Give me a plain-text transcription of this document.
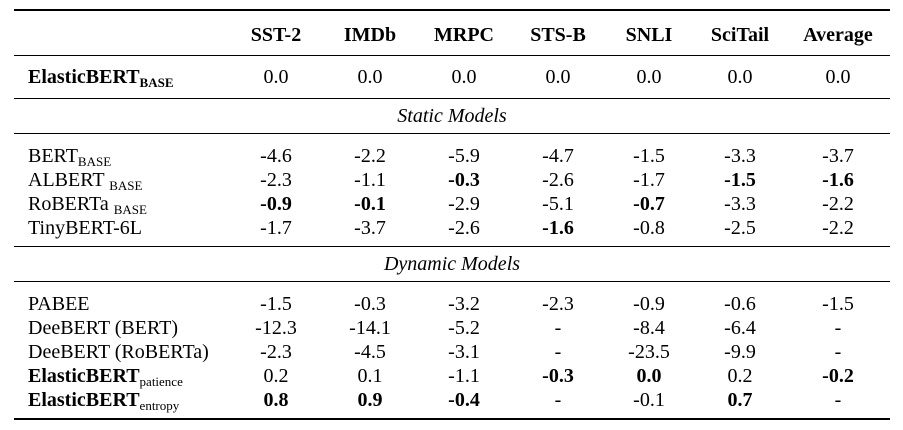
	SST-2	IMDb	MRPC	STS-B	SNLI	SciTail	Average
ElasticBERT$_{BASE}$	0.0	0.0	0.0	0.0	0.0	0.0	0.0
Static Models							
$BERT_{BASE}$	-4.6	-2.2	-5.9	-4.7	-1.5	-3.3	-3.7
ALBERT $_{BASE}$	-2.3	-1.1	-0.3	-2.6	-1.7	-1.5	-1.6
RoBERTa $_{BASE}$	-0.9	-0.1	-2.9	-5.1	-0.7	-3.3	-2.2
TinyBERT-6L	-1.7	-3.7	-2.6	-1.6	-0.8	-2.5	-2.2
Dynamic Models							
PABEE	-1.5	-0.3	-3.2	-2.3	-0.9	-0.6	-1.5
DeeBERT (BERT)	-12.3	-14.1	-5.2	-	-8.4	-6.4	-
DeeBERT (RoBERTa)	-2.3	-4.5	-3.1	-	-23.5	-9.9	-
ElasticBERT$_{patience}$	0.2	0.1	-1.1	-0.3	0.0	0.2	-0.2
ElasticBERT$_{entropy}$	0.8	0.9	-0.4	-	-0.1	0.7	-
